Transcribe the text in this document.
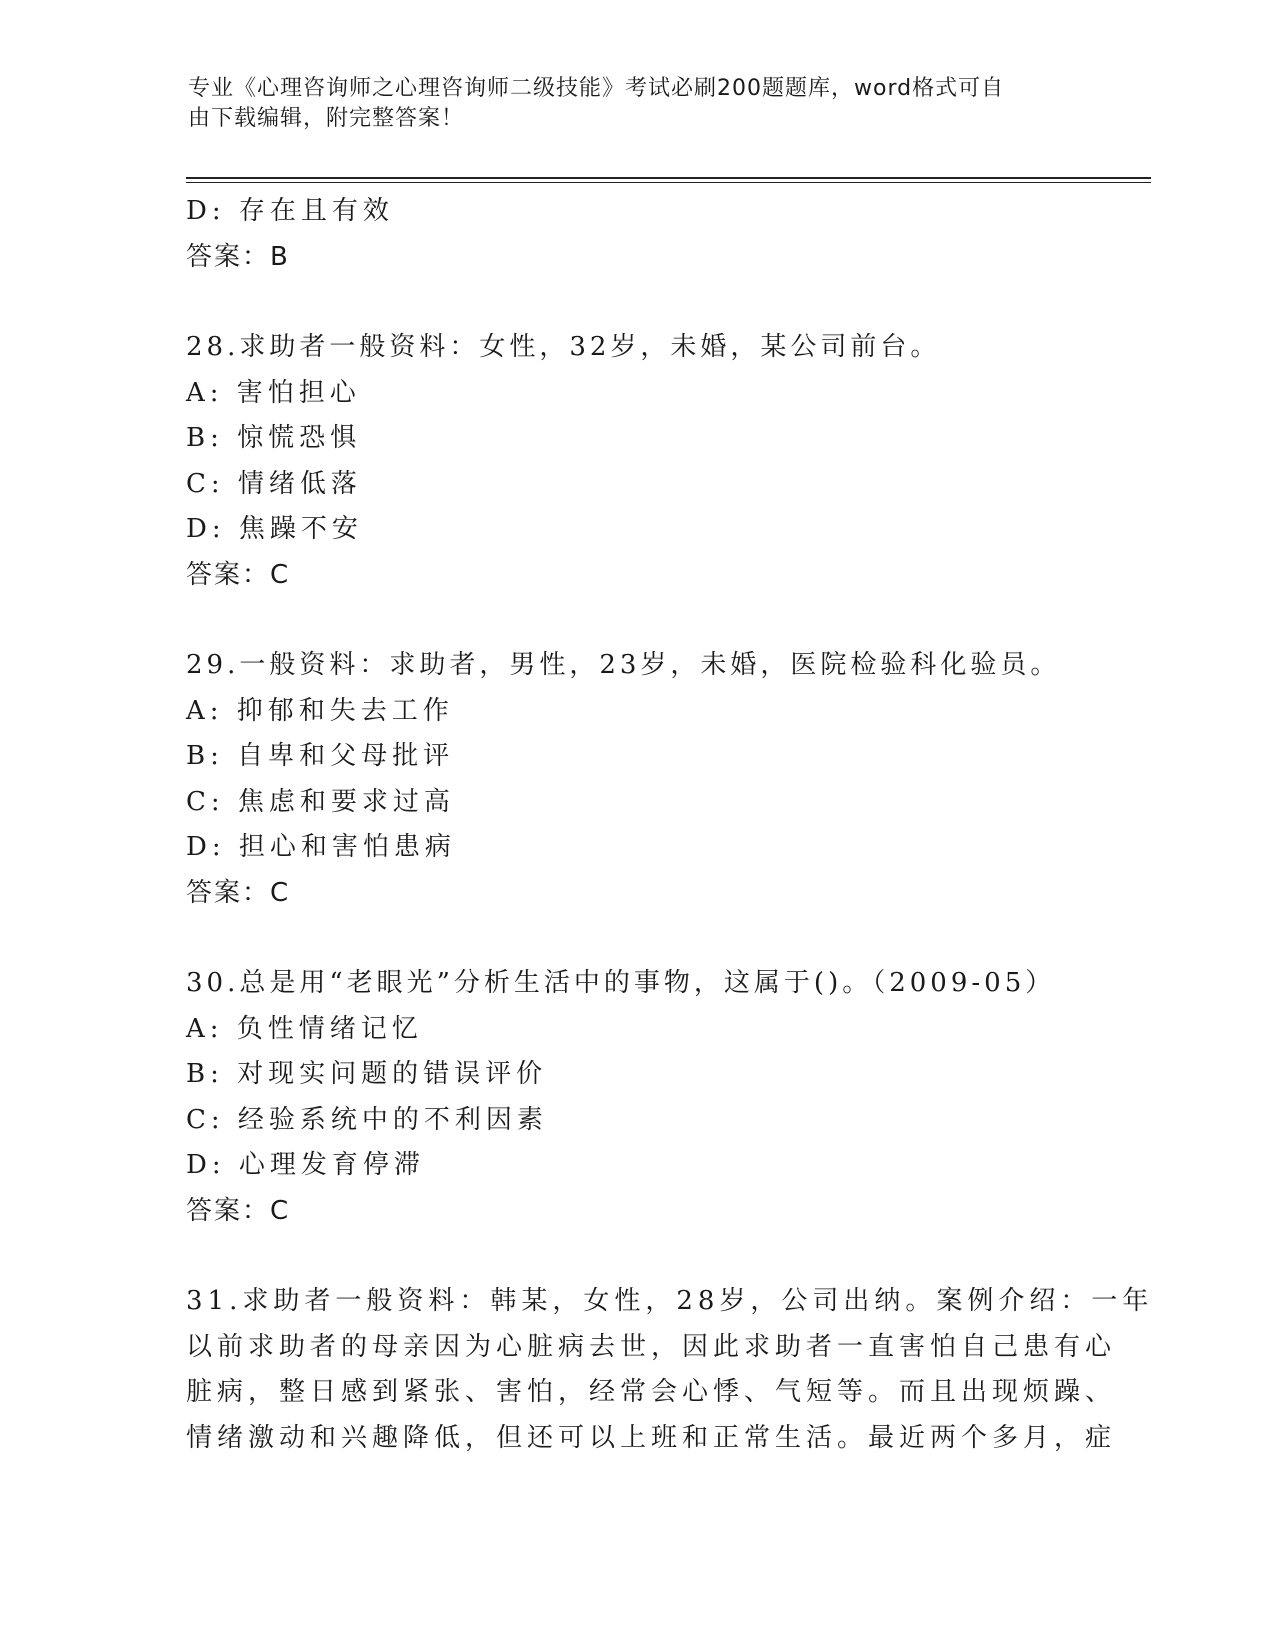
专业《心理咨询师之心理咨询师二级技能》考试必刷200题题库，word格式可自
由下载编辑，附完整答案！
D: 存在且有效
答案：B
28.求助者一般资料：女性，32岁，未婚，某公司前台。
A: 害怕担心
B: 惊慌恐惧
C: 情绪低落
D: 焦躁不安
答案：C
29.一般资料：求助者，男性，23岁，未婚，医院检验科化验员。
A: 抑郁和失去工作
B: 自卑和父母批评
C: 焦虑和要求过高
D: 担心和害怕患病
答案：C
30.总是用“老眼光”分析生活中的事物，这属于()。（2009-05）
A: 负性情绪记忆
B: 对现实问题的错误评价
C: 经验系统中的不利因素
D: 心理发育停滞
答案：C
31.求助者一般资料：韩某，女性，28岁，公司出纳。案例介绍：一年
以前求助者的母亲因为心脏病去世，因此求助者一直害怕自己患有心
脏病，整日感到紧张、害怕，经常会心悸、气短等。而且出现烦躁、
情绪激动和兴趣降低，但还可以上班和正常生活。最近两个多月，症
